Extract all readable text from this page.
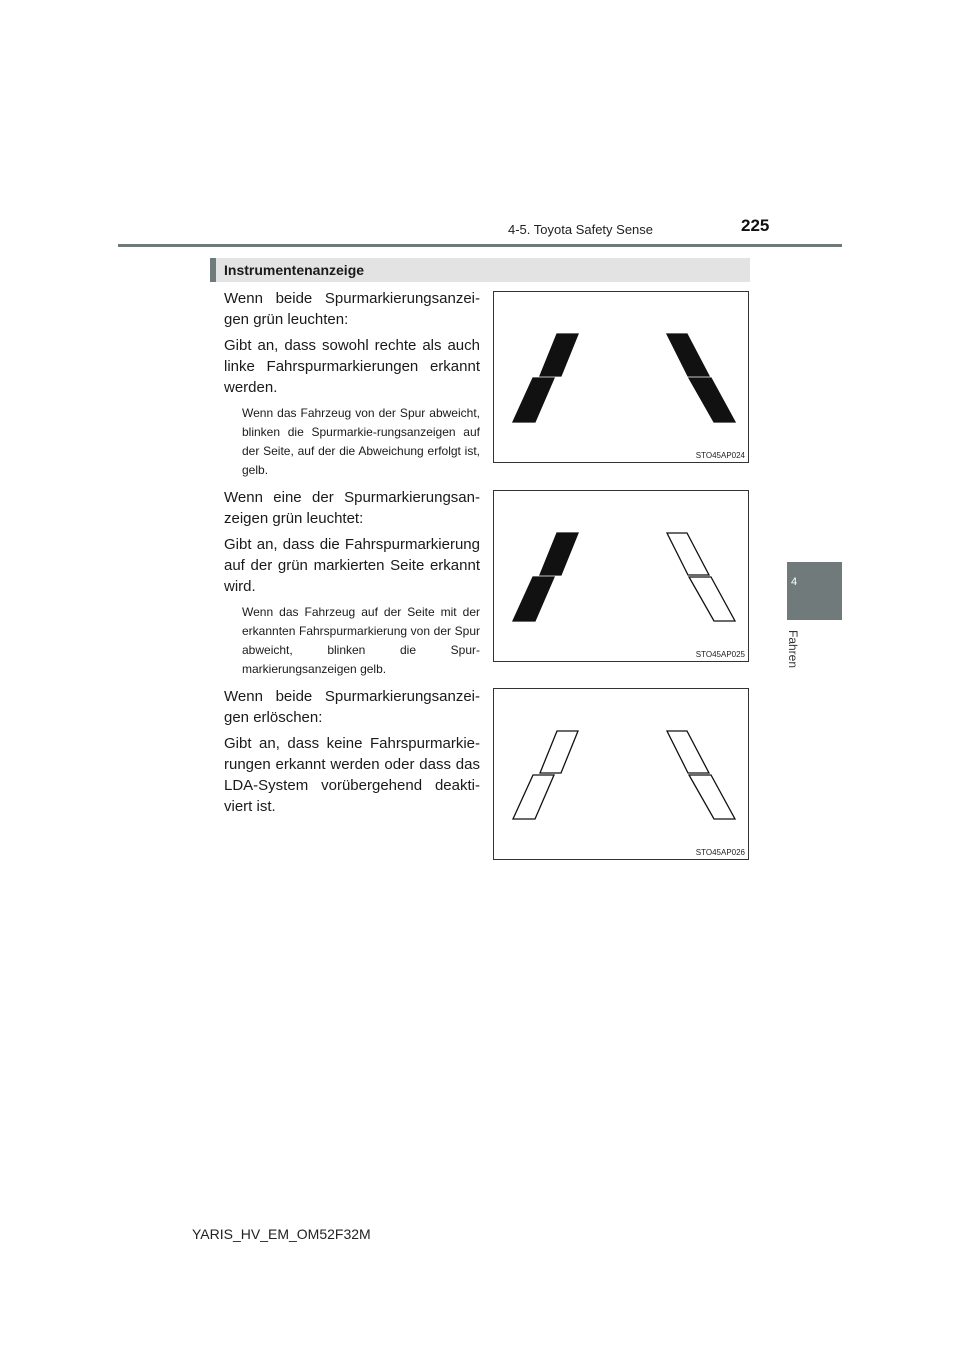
4-5. Toyota Safety Sense	225
4
Fahren
Instrumentenanzeige

Wenn beide Spurmarkierungsanzei-gen grün leuchten:

Gibt an, dass sowohl rechte als auch linke Fahrspurmarkierungen erkannt werden.

Wenn das Fahrzeug von der Spur abweicht, blinken die Spurmarkie-rungsanzeigen auf der Seite, auf der die Abweichung erfolgt ist, gelb.

STO45AP024

Wenn eine der Spurmarkierungsan-zeigen grün leuchtet:

Gibt an, dass die Fahrspurmarkierung auf der grün markierten Seite erkannt wird.

Wenn das Fahrzeug auf der Seite mit der erkannten Fahrspurmarkierung von der Spur abweicht, blinken die Spur-markierungsanzeigen gelb.

STO45AP025

Wenn beide Spurmarkierungsanzei-gen erlöschen:

Gibt an, dass keine Fahrspurmarkie-rungen erkannt werden oder dass das LDA-System vorübergehend deakti-viert ist.

STO45AP026
YARIS_HV_EM_OM52F32M
